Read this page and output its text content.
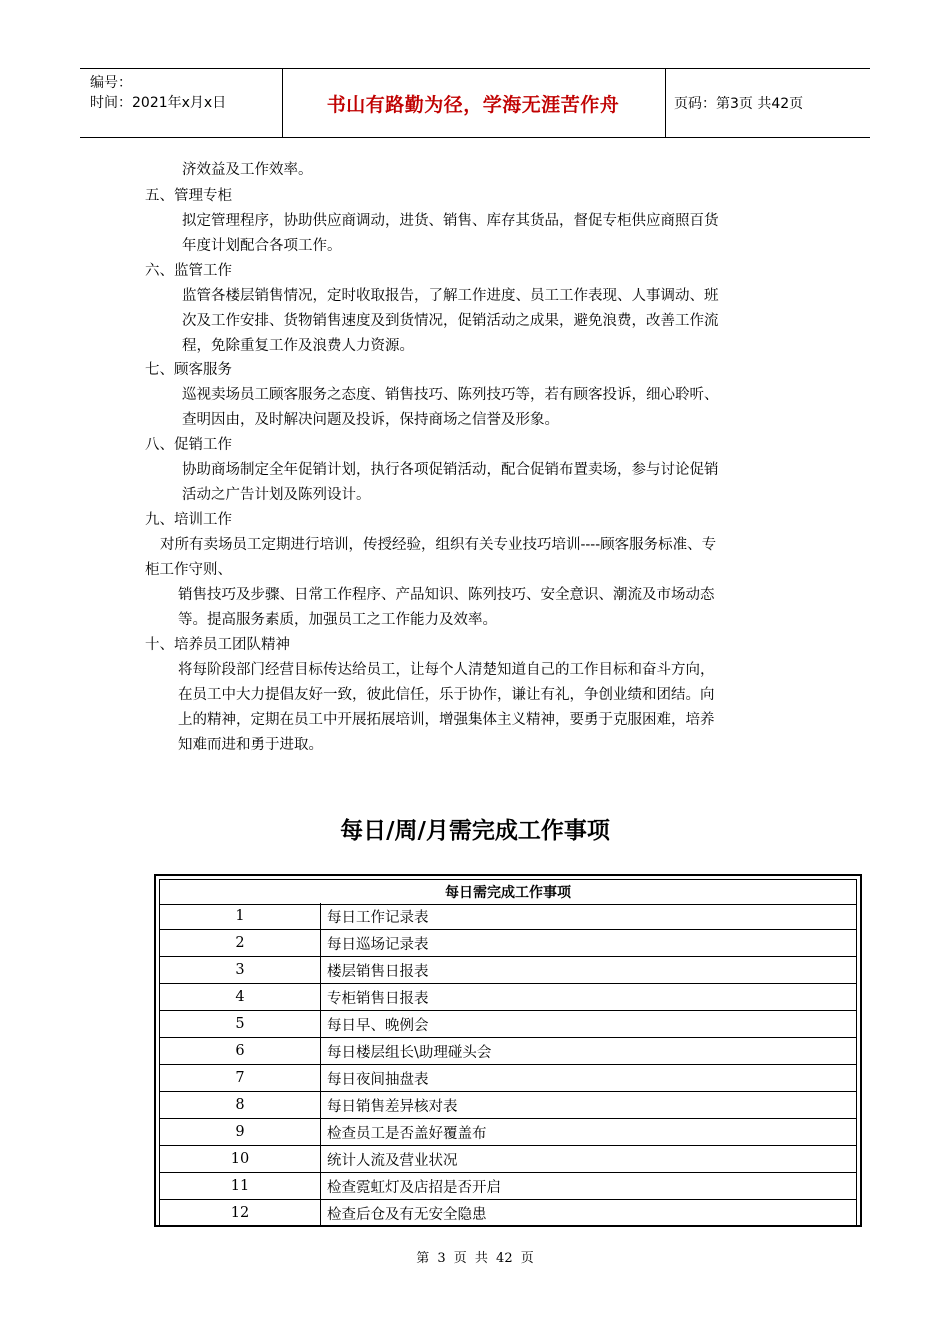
编号：
时间：2021年x月x日	书山有路勤为径，学海无涯苦作舟	页码：第3页 共42页
济效益及工作效率。
五、管理专柜
拟定管理程序，协助供应商调动，进货、销售、库存其货品，督促专柜供应商照百货
年度计划配合各项工作。
六、监管工作
监管各楼层销售情况，定时收取报告，了解工作进度、员工工作表现、人事调动、班
次及工作安排、货物销售速度及到货情况，促销活动之成果，避免浪费，改善工作流
程，免除重复工作及浪费人力资源。
七、顾客服务
巡视卖场员工顾客服务之态度、销售技巧、陈列技巧等，若有顾客投诉，细心聆听、
查明因由，及时解决问题及投诉，保持商场之信誉及形象。
八、促销工作
协助商场制定全年促销计划，执行各项促销活动，配合促销布置卖场，参与讨论促销
活动之广告计划及陈列设计。
九、培训工作
对所有卖场员工定期进行培训，传授经验，组织有关专业技巧培训----顾客服务标准、专
柜工作守则、
销售技巧及步骤、日常工作程序、产品知识、陈列技巧、安全意识、潮流及市场动态
等。提高服务素质，加强员工之工作能力及效率。
十、培养员工团队精神
将每阶段部门经营目标传达给员工，让每个人清楚知道自己的工作目标和奋斗方向，
在员工中大力提倡友好一致，彼此信任，乐于协作，谦让有礼，争创业绩和团结。向
上的精神，定期在员工中开展拓展培训，增强集体主义精神，要勇于克服困难，培养
知难而进和勇于进取。
每日/周/月需完成工作事项
每日需完成工作事项
1	每日工作记录表
2	每日巡场记录表
3	楼层销售日报表
4	专柜销售日报表
5	每日早、晚例会
6	每日楼层组长\助理碰头会
7	每日夜间抽盘表
8	每日销售差异核对表
9	检查员工是否盖好覆盖布
10	统计人流及营业状况
11	检查霓虹灯及店招是否开启
12	检查后仓及有无安全隐患
第 3 页 共 42 页
